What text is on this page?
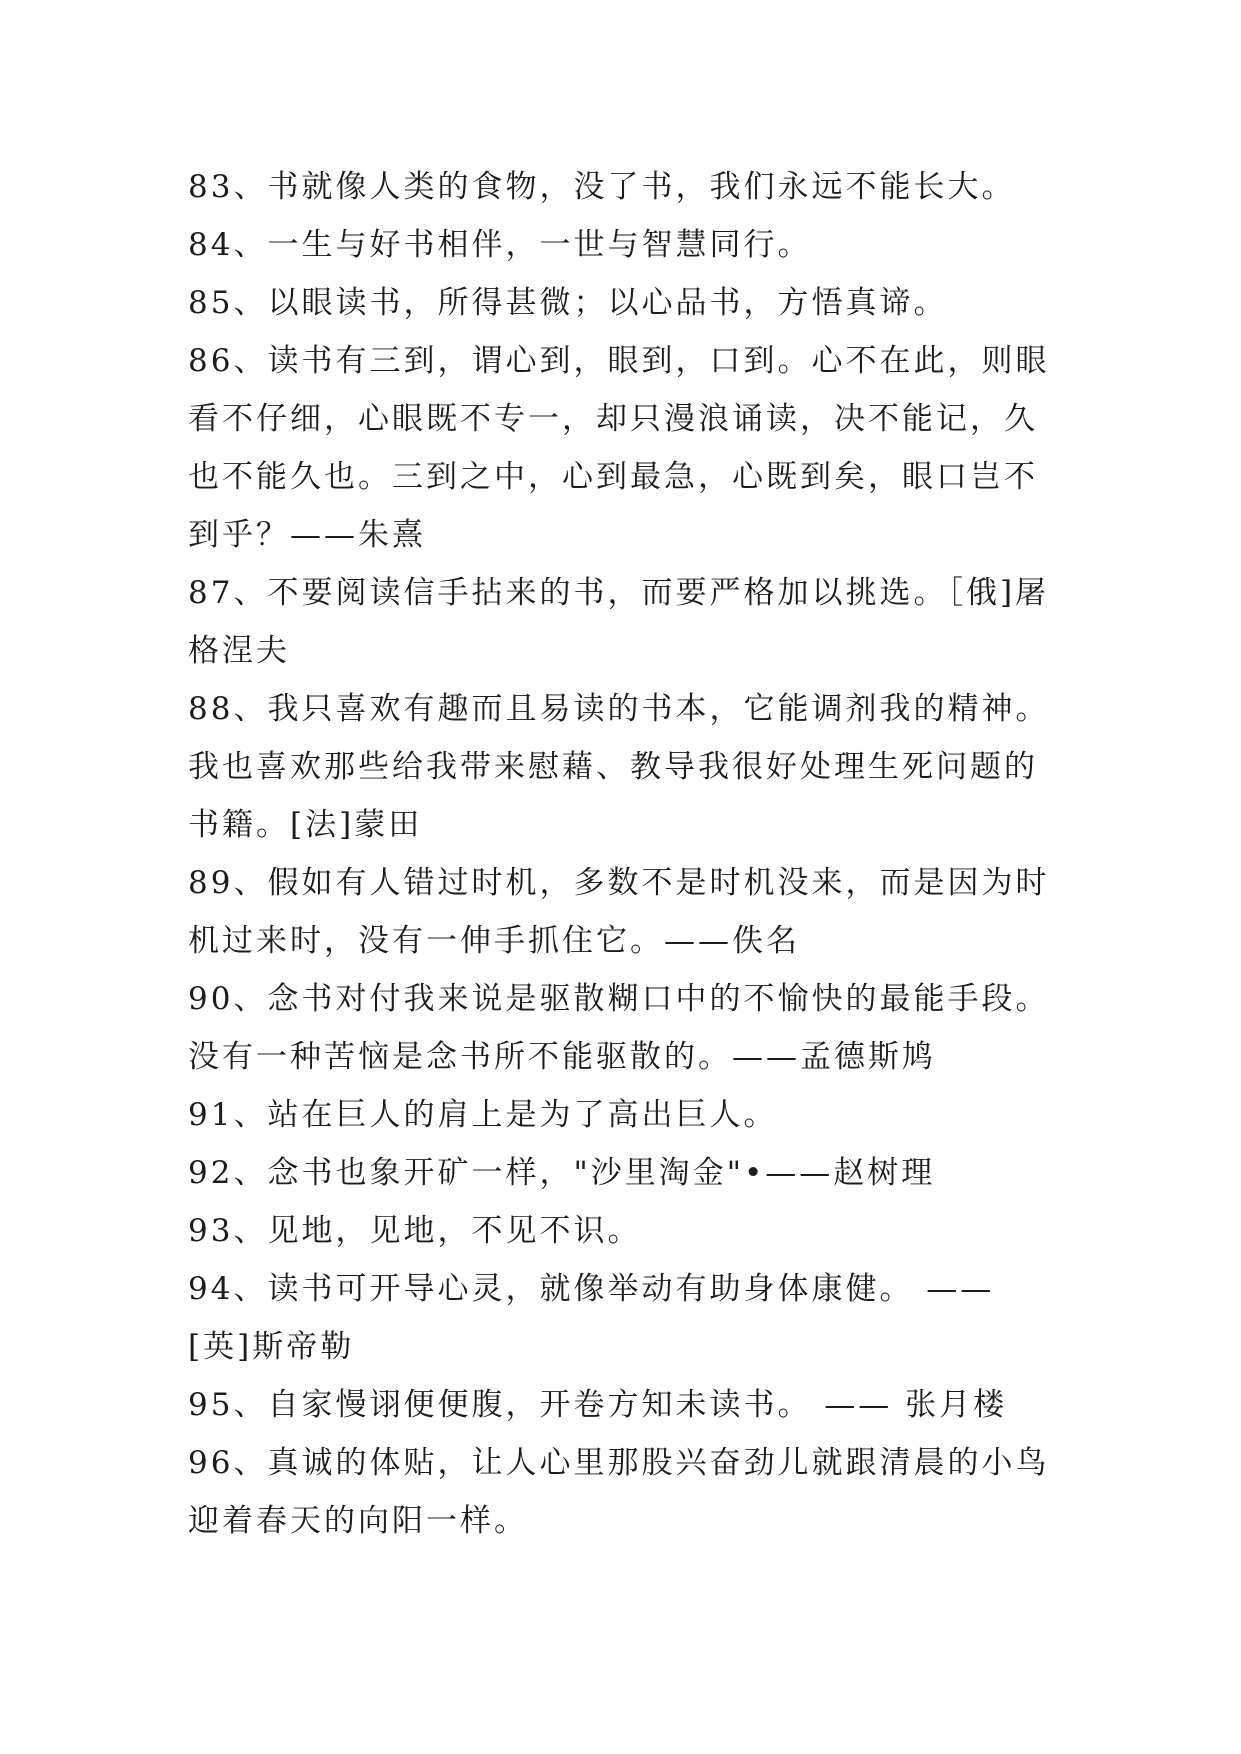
83、书就像人类的食物，没了书，我们永远不能长大。

84、一生与好书相伴，一世与智慧同行。

85、以眼读书，所得甚微；以心品书，方悟真谛。

86、读书有三到，谓心到，眼到，口到。心不在此，则眼看不仔细，心眼既不专一，却只漫浪诵读，决不能记，久也不能久也。三到之中，心到最急，心既到矣，眼口岂不到乎？——朱熹

87、不要阅读信手拈来的书，而要严格加以挑选。［俄]屠格涅夫

88、我只喜欢有趣而且易读的书本，它能调剂我的精神。我也喜欢那些给我带来慰藉、教导我很好处理生死问题的书籍。[法]蒙田

89、假如有人错过时机，多数不是时机没来，而是因为时机过来时，没有一伸手抓住它。——佚名

90、念书对付我来说是驱散糊口中的不愉快的最能手段。没有一种苦恼是念书所不能驱散的。——孟德斯鸠

91、站在巨人的肩上是为了高出巨人。

92、念书也象开矿一样，"沙里淘金"•——赵树理

93、见地，见地，不见不识。

94、读书可开导心灵，就像举动有助身体康健。 ——[英]斯帝勒

95、自家慢诩便便腹，开卷方知未读书。 —— 张月楼

96、真诚的体贴，让人心里那股兴奋劲儿就跟清晨的小鸟迎着春天的向阳一样。
